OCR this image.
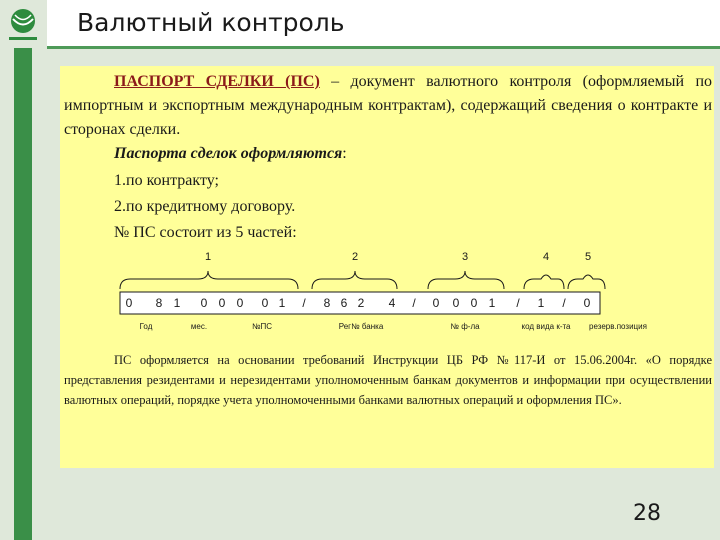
Валютный контроль
ПАСПОРТ СДЕЛКИ (ПС) – документ валютного контроля (оформляемый по импортным и экспортным международным контрактам), содержащий сведения о контракте и сторонах сделки.
Паспорта сделок оформляются:
1.по контракту;
2.по кредитному договору.
№ ПС состоит из 5 частей:
1	2	3	4	5
0 8 1 0 0 0 0 1 / 8 6 2 4 / 0 0 0 1 / 1 / 0
Год	мес.	№ПС	Рег№ банка	№ ф-ла	код вида к-та резерв.позиция
ПС оформляется на основании требований Инструкции ЦБ РФ №117-И от 15.06.2004г. «О порядке представления резидентами и нерезидентами уполномоченным банкам документов и информации при осуществлении валютных операций, порядке учета уполномоченными банками валютных операций и оформления ПС».
28
